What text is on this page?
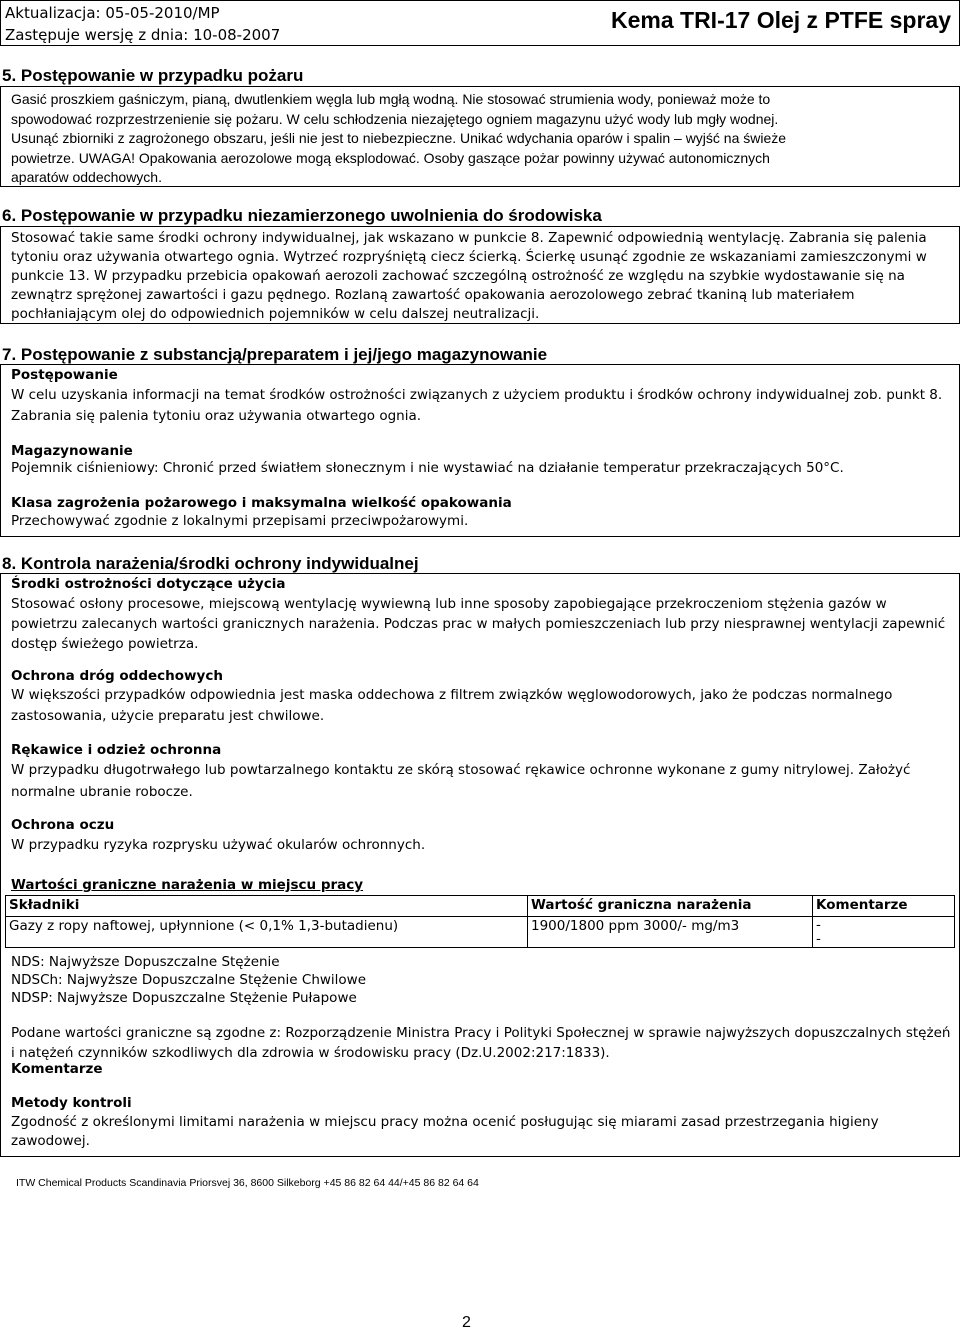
Aktualizacja: 05-05-2010/MP
Zastępuje wersję z dnia: 10-08-2007
Kema TRI-17 Olej z PTFE spray
5. Postępowanie w przypadku pożaru
Gasić proszkiem gaśniczym, pianą, dwutlenkiem węgla lub mgłą wodną. Nie stosować strumienia wody, ponieważ może to
spowodować rozprzestrzenienie się pożaru. W celu schłodzenia niezajętego ogniem magazynu użyć wody lub mgły wodnej.
Usunąć zbiorniki z zagrożonego obszaru, jeśli nie jest to niebezpieczne. Unikać wdychania oparów i spalin – wyjść na świeże
powietrze. UWAGA! Opakowania aerozolowe mogą eksplodować. Osoby gaszące pożar powinny używać autonomicznych
aparatów oddechowych.
6. Postępowanie w przypadku niezamierzonego uwolnienia do środowiska
Stosować takie same środki ochrony indywidualnej, jak wskazano w punkcie 8. Zapewnić odpowiednią wentylację. Zabrania się palenia tytoniu oraz używania otwartego ognia. Wytrzeć rozpryśniętą ciecz ścierką. Ścierkę usunąć zgodnie ze wskazaniami zamieszczonymi w punkcie 13. W przypadku przebicia opakowań aerozoli zachować szczególną ostrożność ze względu na szybkie wydostawanie się na zewnątrz sprężonej zawartości i gazu pędnego. Rozlaną zawartość opakowania aerozolowego zebrać tkaniną lub materiałem pochłaniającym olej do odpowiednich pojemników w celu dalszej neutralizacji.
7. Postępowanie z substancją/preparatem i jej/jego magazynowanie
Postępowanie
W celu uzyskania informacji na temat środków ostrożności związanych z użyciem produktu i środków ochrony indywidualnej zob. punkt 8. Zabrania się palenia tytoniu oraz używania otwartego ognia.
Magazynowanie
Pojemnik ciśnieniowy: Chronić przed światłem słonecznym i nie wystawiać na działanie temperatur przekraczających 50°C.
Klasa zagrożenia pożarowego i maksymalna wielkość opakowania
Przechowywać zgodnie z lokalnymi przepisami przeciwpożarowymi.
8. Kontrola narażenia/środki ochrony indywidualnej
Środki ostrożności dotyczące użycia
Stosować osłony procesowe, miejscową wentylację wywiewną lub inne sposoby zapobiegające przekroczeniom stężenia gazów w powietrzu zalecanych wartości granicznych narażenia. Podczas prac w małych pomieszczeniach lub przy niesprawnej wentylacji zapewnić dostęp świeżego powietrza.
Ochrona dróg oddechowych
W większości przypadków odpowiednia jest maska oddechowa z filtrem związków węglowodorowych, jako że podczas normalnego zastosowania, użycie preparatu jest chwilowe.
Rękawice i odzież ochronna
W przypadku długotrwałego lub powtarzalnego kontaktu ze skórą stosować rękawice ochronne wykonane z gumy nitrylowej. Założyć normalne ubranie robocze.
Ochrona oczu
W przypadku ryzyka rozprysku używać okularów ochronnych.
Wartości graniczne narażenia w miejscu pracy
Składniki	Wartość graniczna narażenia	Komentarze
Gazy z ropy naftowej, upłynnione (< 0,1% 1,3-butadienu)	1900/1800 ppm 3000/- mg/m3	-
-
NDS: Najwyższe Dopuszczalne Stężenie
NDSCh: Najwyższe Dopuszczalne Stężenie Chwilowe
NDSP: Najwyższe Dopuszczalne Stężenie Pułapowe
Podane wartości graniczne są zgodne z: Rozporządzenie Ministra Pracy i Polityki Społecznej w sprawie najwyższych dopuszczalnych stężeń i natężeń czynników szkodliwych dla zdrowia w środowisku pracy (Dz.U.2002:217:1833).
Komentarze
Metody kontroli
Zgodność z określonymi limitami narażenia w miejscu pracy można ocenić posługując się miarami zasad przestrzegania higieny zawodowej.
ITW Chemical Products Scandinavia Priorsvej 36, 8600 Silkeborg +45 86 82 64 44/+45 86 82 64 64
2
